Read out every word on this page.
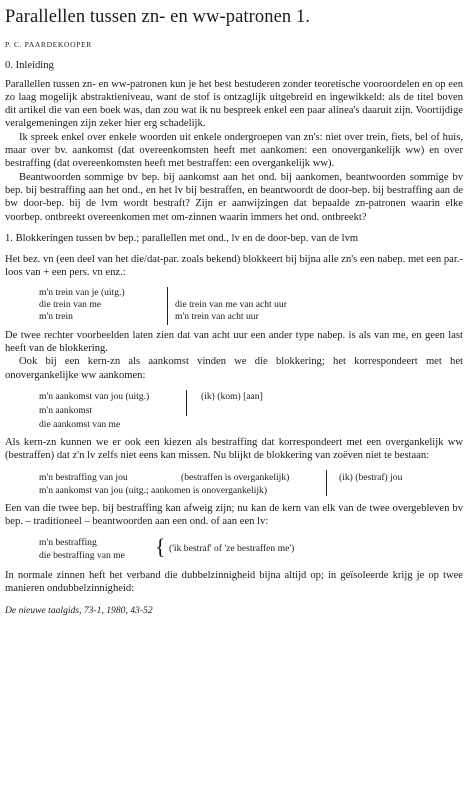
Parallellen tussen zn- en ww-patronen 1.
P. C. PAARDEKOOPER
0. Inleiding

Parallellen tussen zn- en ww-patronen kun je het best bestuderen zonder teoretische vooroordelen en op een zo laag mogelijk abstraktieniveau, want de stof is ontzaglijk uitgebreid en ingewikkeld: als de titel boven dit artikel die van een boek was, dan zou wat ik nu bespreek enkel een paar alinea's daaruit zijn. Voortijdige veralgemeningen zijn zeker hier erg schadelijk.

Ik spreek enkel over enkele woorden uit enkele ondergroepen van zn's: niet over trein, fiets, bel of huis, maar over bv. aankomst (dat overeenkomsten heeft met aankomen: een onovergankelijk ww) en over bestraffing (dat overeenkomsten heeft met bestraffen: een overgankelijk ww).

Beantwoorden sommige bv bep. bij aankomst aan het ond. bij aankomen, beantwoorden sommige bv bep. bij bestraffing aan het ond., en het lv bij bestraffen, en beantwoordt de door-bep. bij bestraffing aan de bw door-bep. bij de lvm wordt bestraft? Zijn er aanwijzingen dat bepaalde zn-patronen waarin elke voorbep. ontbreekt overeenkomen met om-zinnen waarin immers het ond. ontbreekt?

1. Blokkeringen tussen bv bep.; parallellen met ond., lv en de door-bep. van de lvm

Het bez. vn (een deel van het die/dat-par. zoals bekend) blokkeert bij bijna alle zn's een nabep. met een par.-loos van + een pers. vn enz.:

m'n trein van je (uitg.)
die trein van me
m'n trein
die trein van me van acht uur
m'n trein van acht uur

De twee rechter voorbeelden laten zien dat van acht uur een ander type nabep. is als van me, en geen last heeft van de blokkering.

Ook bij een kern-zn als aankomst vinden we die blokkering; het korrespondeert met het onovergankelijke ww aankomen:

m'n aankomst van jou (uitg.)
m'n aankomst
die aankomst van me
(ik) (kom) [aan]

Als kern-zn kunnen we er ook een kiezen als bestraffing dat korrespondeert met een overgankelijk ww (bestraffen) dat z'n lv zelfs niet eens kan missen. Nu blijkt de blokkering van zoëven niet te bestaan:

m'n bestraffing van jou	(bestraffen is overgankelijk)
m'n aankomst van jou (uitg.; aankomen is onovergankelijk)
(ik) (bestraf) jou

Een van die twee bep. bij bestraffing kan afweig zijn; nu kan de kern van elk van de twee overgebleven bv bep. – traditioneel – beantwoorden aan een ond. of aan een lv:

m'n bestraffing
die bestraffing van me { ('ik bestraf' of 'ze bestraffen me')

In normale zinnen heft het verband die dubbelzinnigheid bijna altijd op; in geïsoleerde krijg je op twee manieren ondubbelzinnigheid:

De nieuwe taalgids, 73-1, 1980, 43-52
